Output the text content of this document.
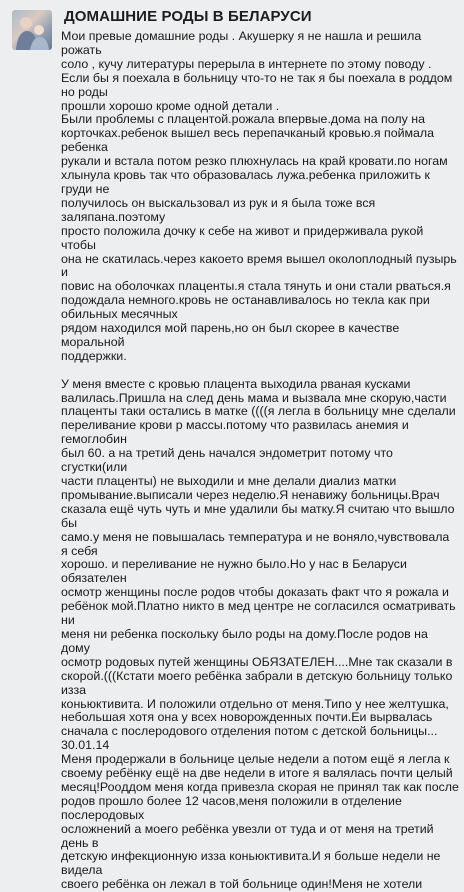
ДОМАШНИЕ РОДЫ В БЕЛАРУСИ
Мои превые домашние роды . Акушерку я не нашла и решила рожать
соло , кучу литературы перерыла в интернете по этому поводу .
Если бы я поехала в больницу что-то не так я бы поехала в роддом но роды
прошли хорошо кроме одной детали .
Были проблемы с плацентой.рожала впервые.дома на полу на
корточках.ребенок вышел весь перепачканый кровью.я поймала ребенка
рукали и встала потом резко плюхнулась на край кровати.по ногам
хлынула кровь так что образовалась лужа.ребенка приложить к груди не
получилось он выскальзовал из рук и я была тоже вся заляпана.поэтому
просто положила дочку к себе на живот и придерживала рукой чтобы
она не скатилась.через какоето время вышел околоплодный пузырь и
повис на оболочках плаценты.я стала тянуть и они стали рваться.я
подождала немного.кровь не останавливалось но текла как при
обильных месячных
рядом находился мой парень,но он был скорее в качестве моральной
поддержки.

У меня вместе с кровью плацента выходила рваная кусками
валилась.Пришла на след день мама и вызвала мне скорую,части
плаценты таки остались в матке ((((я легла в больницу мне сделали
переливание крови р массы.потому что развилась анемия и гемоглобин
был 60. а на третий день начался эндометрит потому что сгустки(или
части плаценты) не выходили и мне делали диализ матки
промывание.выписали через неделю.Я ненавижу больницы.Врач
сказала ещё чуть чуть и мне удалили бы матку.Я считаю что вышло бы
само.у меня не повышалась температура и не воняло,чувствовала я себя
хорошо. и переливание не нужно было.Но у нас в Беларуси обязателен
осмотр женщины после родов чтобы доказать факт что я рожала и
ребёнок мой.Платно никто в мед центре не согласился осматривать ни
меня ни ребенка поскольку было роды на дому.После родов на дому
осмотр родовых путей женщины ОБЯЗАТЕЛЕН....Мне так сказали в
скорой.(((Кстати моего ребёнка забрали в детскую больницу только изза
коньюктивита. И положили отдельно от меня.Типо у нее желтушка,
небольшая хотя она у всех новорожденных почти.Еи вырвалась
сначала с послеродового отделения потом с детской больницы...
30.01.14
Меня продержали в больнице целые недели а потом ещё я легла к
своему ребёнку ещё на две недели в итоге я валялась почти целый
месяц!Роoддом меня когда привезла скорая не принял так как после
родов прошло более 12 часов,меня положили в отделение послеродовых
осложнений а моего ребёнка увезли от туда и от меня на третий день в
детскую инфекционную изза коньюктивита.И я больше недели не видела
своего ребёнка он лежал в той больнице один!Меня не хотели
